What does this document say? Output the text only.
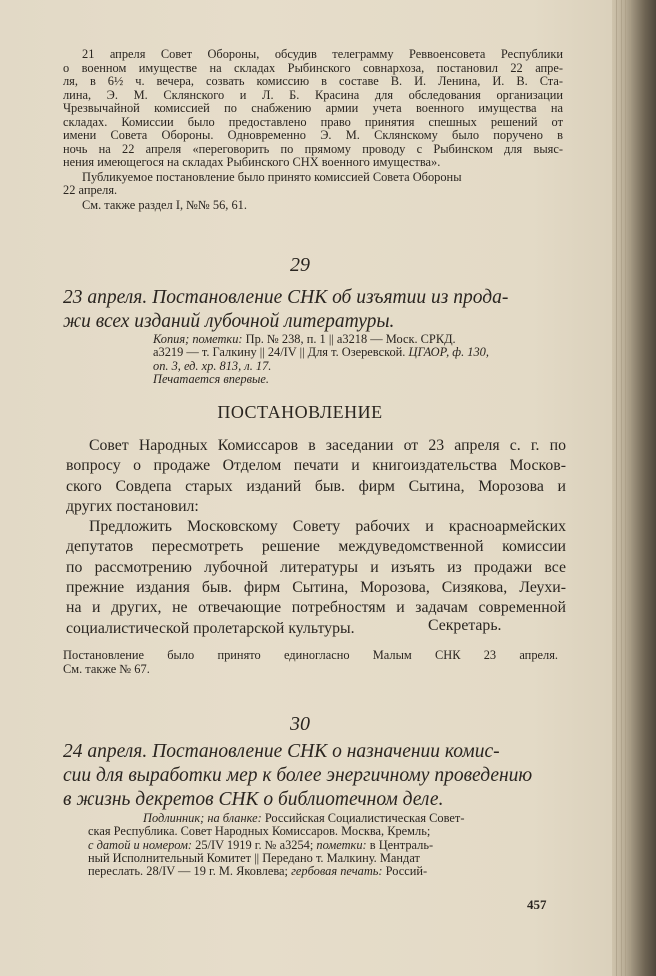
21 апреля Совет Обороны, обсудив телеграмму Реввоенсовета Республики
о военном имуществе на складах Рыбинского совнархоза, постановил 22 апре-
ля, в 6½ ч. вечера, созвать комиссию в составе В. И. Ленина, И. В. Ста-
лина, Э. М. Склянского и Л. Б. Красина для обследования организации
Чрезвычайной комиссией по снабжению армии учета военного имущества на
складах. Комиссии было предоставлено право принятия спешных решений от
имени Совета Обороны. Одновременно Э. М. Склянскому было поручено в
ночь на 22 апреля «переговорить по прямому проводу с Рыбинском для выяс-
нения имеющегося на складах Рыбинского СНХ военного имущества».

Публикуемое постановление было принято комиссией Совета Обороны

22 апреля.

См. также раздел I, №№ 56, 61.

29
23 апреля. Постановление СНК об изъятии из прода-
жи всех изданий лубочной литературы.
Копия; пометки: Пр. № 238, п. 1 || а3218 — Моск. СРКД.
а3219 — т. Галкину || 24/IV || Для т. Озеревской. ЦГАОР, ф. 130,
оп. 3, ед. хр. 813, л. 17.
Печатается впервые.
ПОСТАНОВЛЕНИЕ
Совет Народных Комиссаров в заседании от 23 апреля с. г. по
вопросу о продаже Отделом печати и книгоиздательства Москов-
ского Совдепа старых изданий быв. фирм Сытина, Морозова и
других постановил:
Предложить Московскому Совету рабочих и красноармейских
депутатов пересмотреть решение междуведомственной комиссии
по рассмотрению лубочной литературы и изъять из продажи все
прежние издания быв. фирм Сытина, Морозова, Сизякова, Леухи-
на и других, не отвечающие потребностям и задачам современной
социалистической пролетарской культуры.	Секретарь.
Постановление было принято единогласно Малым СНК 23 апреля.
См. также № 67.
30
24 апреля. Постановление СНК о назначении комис-
сии для выработки мер к более энергичному проведению
в жизнь декретов СНК о библиотечном деле.
Подлинник; на бланке: Российская Социалистическая Совет-
ская Республика. Совет Народных Комиссаров. Москва, Кремль;
с датой и номером: 25/IV 1919 г. № а3254; пометки: в Централь-
ный Исполнительный Комитет || Передано т. Малкину. Мандат
переслать. 28/IV — 19 г. М. Яковлева; гербовая печать: Россий-
457
